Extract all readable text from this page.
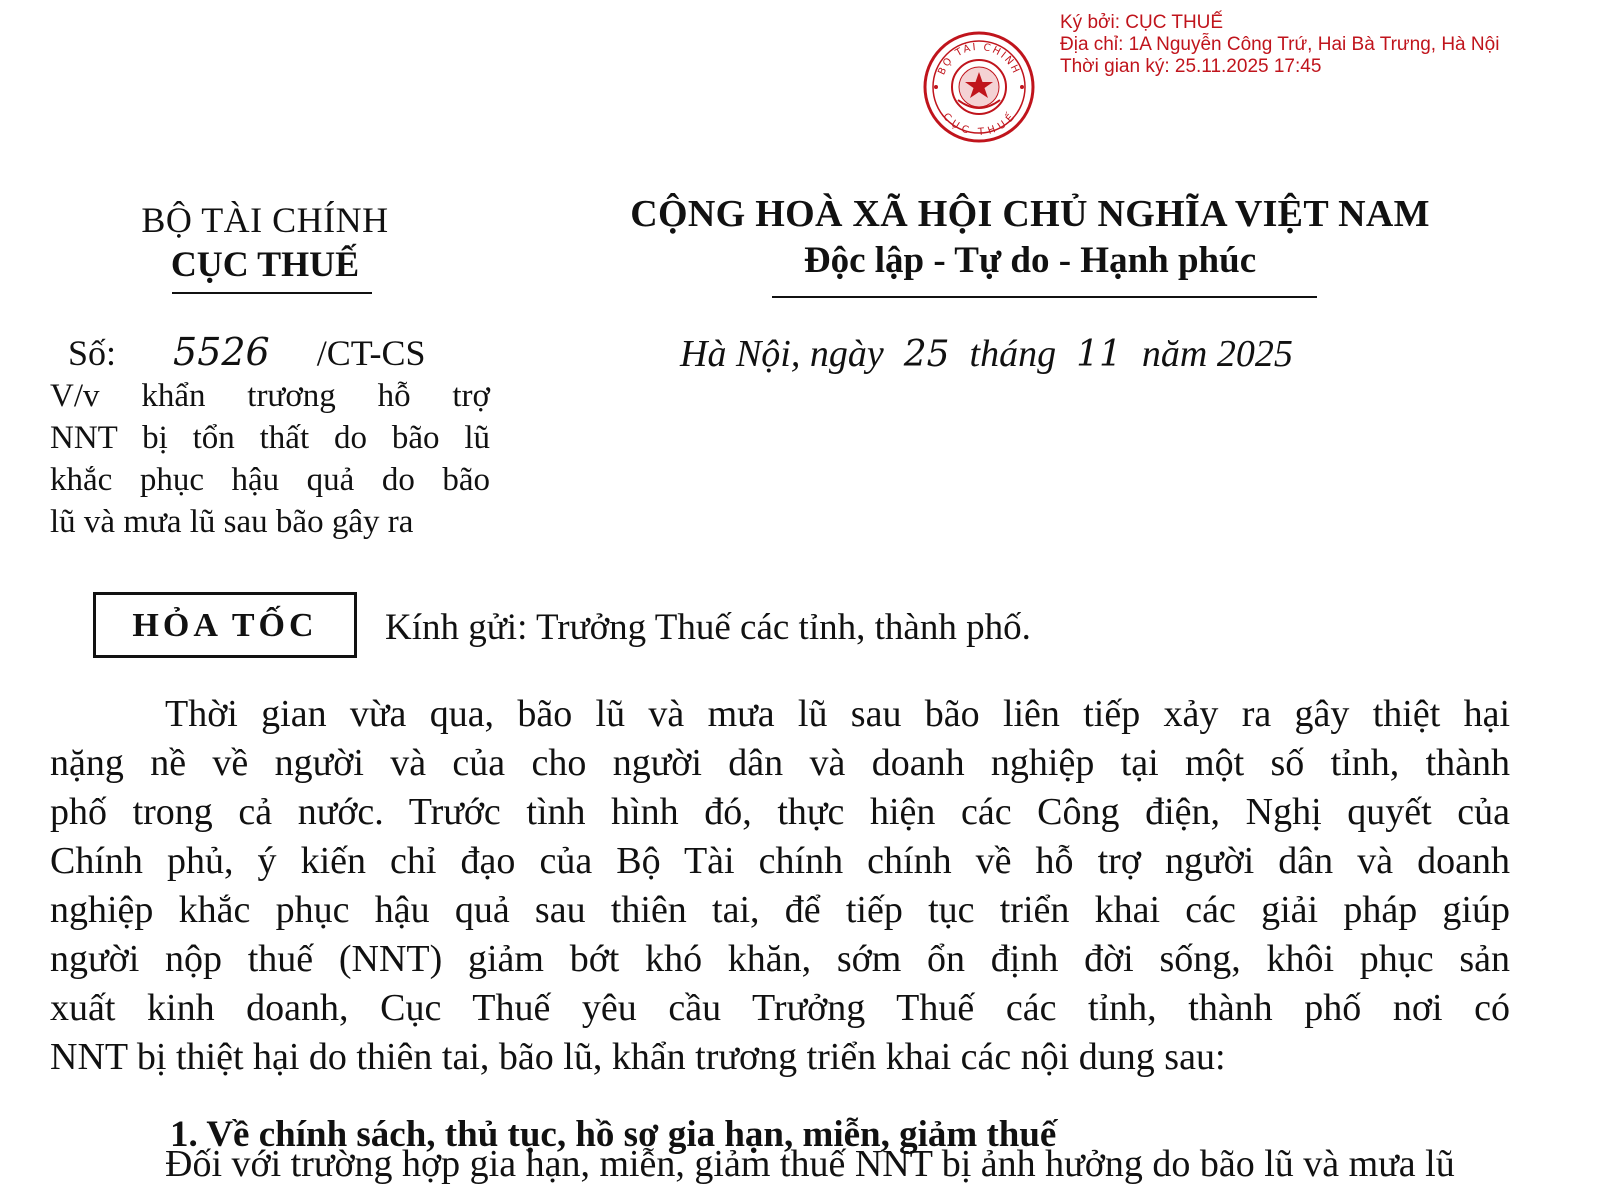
Ký bởi: CỤC THUẾ
Địa chỉ: 1A Nguyễn Công Trứ, Hai Bà Trưng, Hà Nội
Thời gian ký: 25.11.2025 17:45
BỘ TÀI CHÍNH
CỤC THUẾ
BỘ TÀI CHÍNH
CỤC THUẾ
CỘNG HOÀ XÃ HỘI CHỦ NGHĨA VIỆT NAM
Độc lập - Tự do - Hạnh phúc
Số: 5526 /CT-CS
V/v khẩn trương hỗ trợ
NNT bị tổn thất do bão lũ
khắc phục hậu quả do bão
lũ và mưa lũ sau bão gây ra
Hà Nội, ngày 25 tháng 11 năm 2025
HỎA TỐC	Kính gửi: Trưởng Thuế các tỉnh, thành phố.
Thời gian vừa qua, bão lũ và mưa lũ sau bão liên tiếp xảy ra gây thiệt hại
nặng nề về người và của cho người dân và doanh nghiệp tại một số tỉnh, thành
phố trong cả nước. Trước tình hình đó, thực hiện các Công điện, Nghị quyết của
Chính phủ, ý kiến chỉ đạo của Bộ Tài chính chính về hỗ trợ người dân và doanh
nghiệp khắc phục hậu quả sau thiên tai, để tiếp tục triển khai các giải pháp giúp
người nộp thuế (NNT) giảm bớt khó khăn, sớm ổn định đời sống, khôi phục sản
xuất kinh doanh, Cục Thuế yêu cầu Trưởng Thuế các tỉnh, thành phố nơi có
NNT bị thiệt hại do thiên tai, bão lũ, khẩn trương triển khai các nội dung sau:
1. Về chính sách, thủ tục, hồ sơ gia hạn, miễn, giảm thuế
Đối với trường hợp gia hạn, miễn, giảm thuế NNT bị ảnh hưởng do bão lũ và mưa lũ
